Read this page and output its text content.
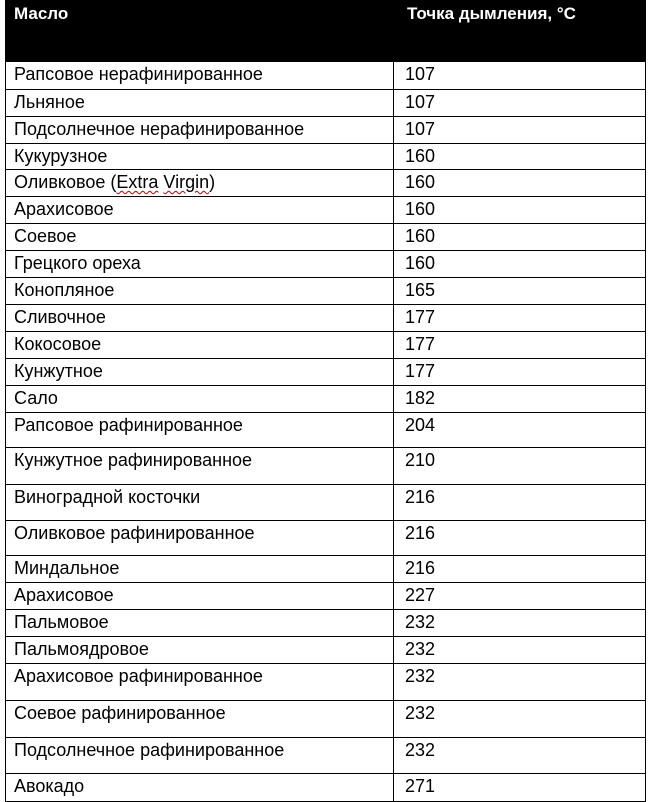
Масло	Точка дымления, °C
Рапсовое нерафинированное	107
Льняное	107
Подсолнечное нерафинированное	107
Кукурузное	160
Оливковое (Extra Virgin)	160
Арахисовое	160
Соевое	160
Грецкого ореха	160
Конопляное	165
Сливочное	177
Кокосовое	177
Кунжутное	177
Сало	182
Рапсовое рафинированное	204
Кунжутное рафинированное	210
Виноградной косточки	216
Оливковое рафинированное	216
Миндальное	216
Арахисовое	227
Пальмовое	232
Пальмоядровое	232
Арахисовое рафинированное	232
Соевое рафинированное	232
Подсолнечное рафинированное	232
Авокадо	271
